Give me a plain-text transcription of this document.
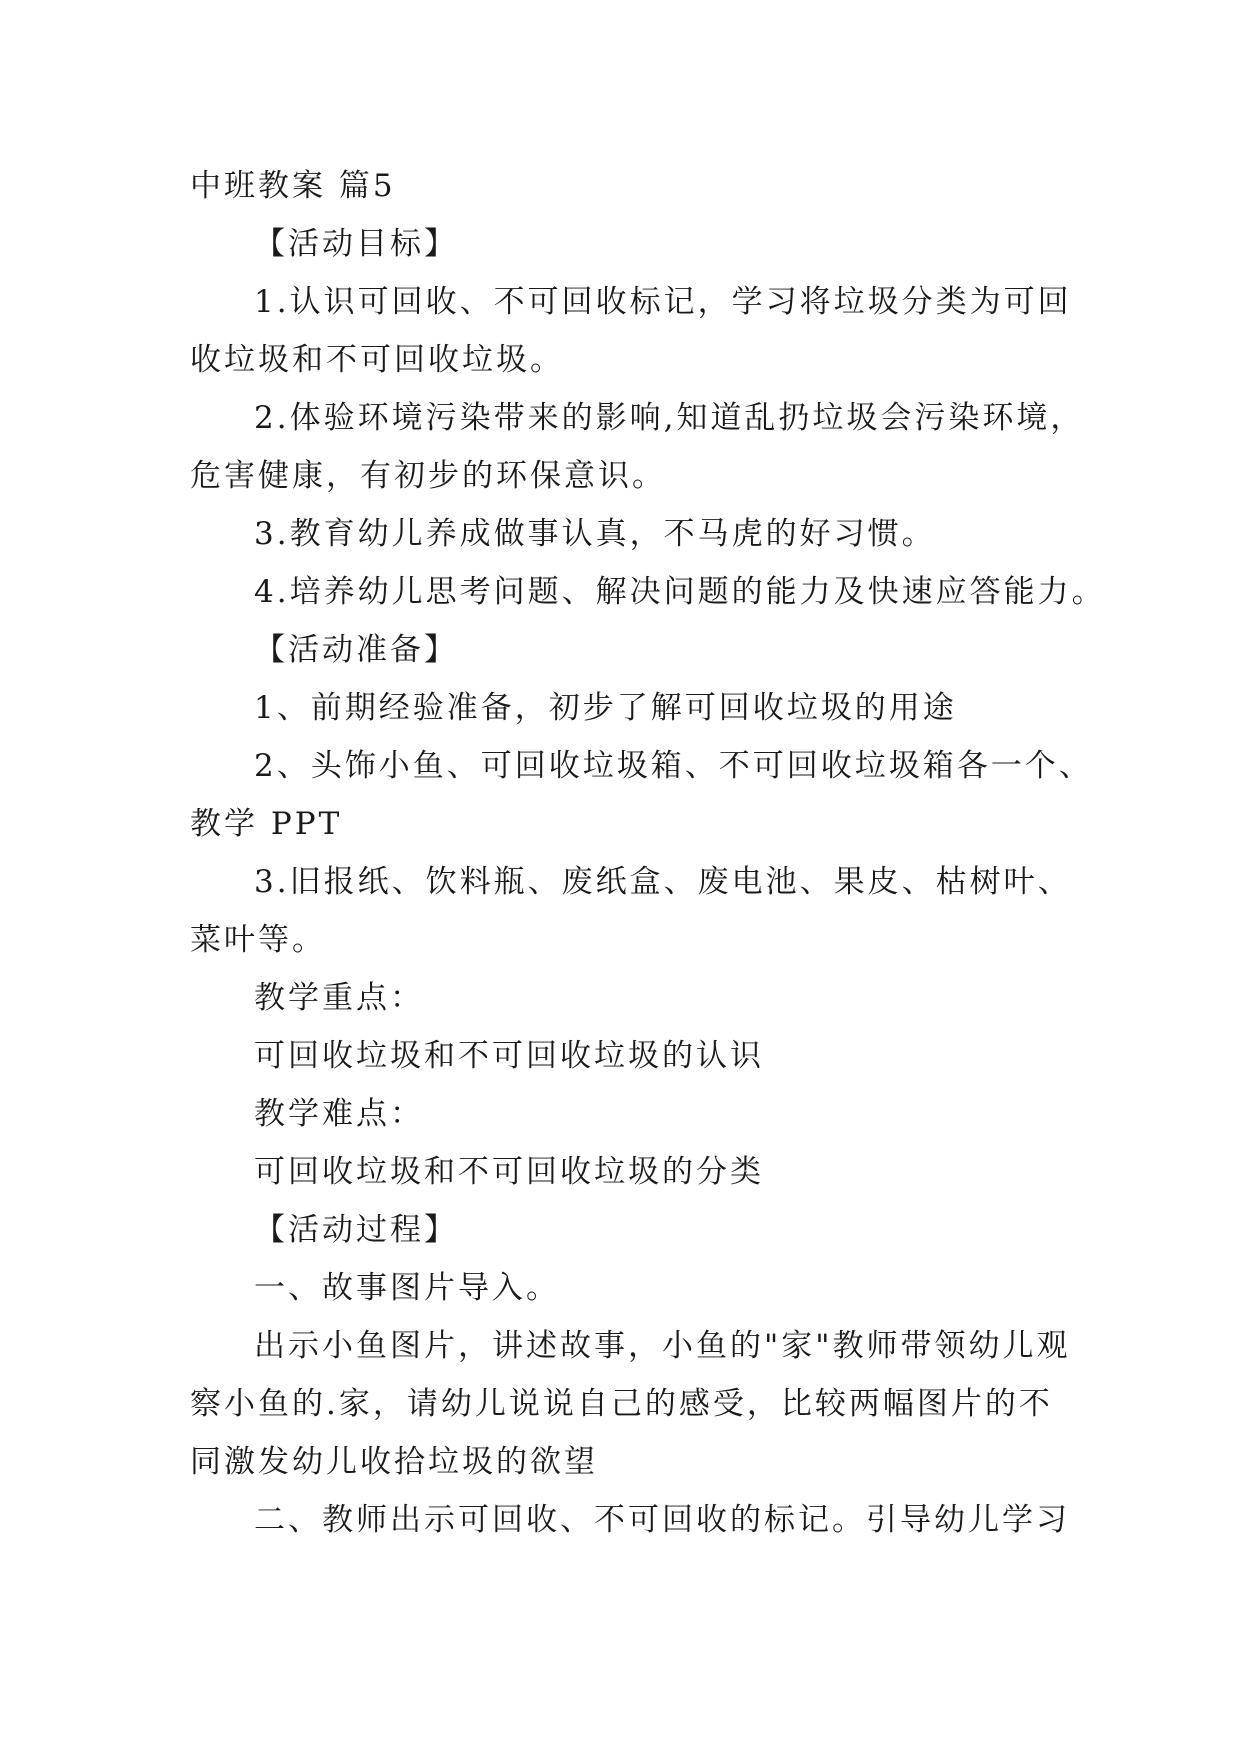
中班教案 篇5
【活动目标】
1.认识可回收、不可回收标记，学习将垃圾分类为可回
收垃圾和不可回收垃圾。
2.体验环境污染带来的影响,知道乱扔垃圾会污染环境，
危害健康，有初步的环保意识。
3.教育幼儿养成做事认真，不马虎的好习惯。
4.培养幼儿思考问题、解决问题的能力及快速应答能力。
【活动准备】
1、前期经验准备，初步了解可回收垃圾的用途
2、头饰小鱼、可回收垃圾箱、不可回收垃圾箱各一个、
教学 PPT
3.旧报纸、饮料瓶、废纸盒、废电池、果皮、枯树叶、
菜叶等。
教学重点：
可回收垃圾和不可回收垃圾的认识
教学难点：
可回收垃圾和不可回收垃圾的分类
【活动过程】
一、故事图片导入。
出示小鱼图片，讲述故事，小鱼的"家"教师带领幼儿观
察小鱼的.家，请幼儿说说自己的感受，比较两幅图片的不
同激发幼儿收拾垃圾的欲望
二、教师出示可回收、不可回收的标记。引导幼儿学习
